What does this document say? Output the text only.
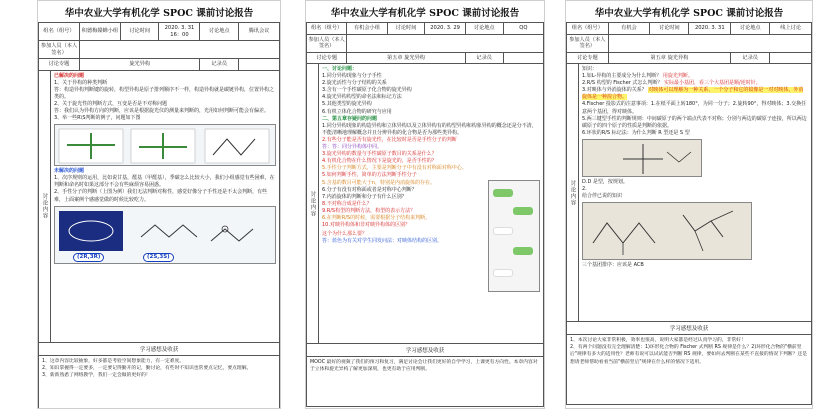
华中农业大学有机化学 SPOC 课前讨论报告
组名（组号）	积德梅赣蝉小组	讨论时间	2020. 3. 31 16：00	讨论地点	腾讯会议
参加人员（本人签名）					
讨论专题	旋光异构			记录员	
讨论内容

已解决的问题

1、关于异构的种类判断

答：构造异构判断键的旋转，构型异构是原子排列顺序不一样，构造异构就是碳链异构，位置异构之类的。

2、关于旋光性的判断方式，互变是否是不对称问题

答：我们认为异构方向的判断，应该是根据旋光仪的测量来判断的，光用如何判断可能会有偏差。

3、举一些R\S判断的例子，问题如下图

未解决的问题

1、次序规则的运用，比如说甘基，醛基（甲醛基），季碳怎么比较大小，我们小组感觉有些困难，在判断和命名时如果这部分不会有些麻烦容易困惑。

2、手性分子的判断（上图为例）我们无法判断对称性，感觉好像分子手性还是不太会判断，有些难，上面案例个感感觉做的时候比较吃力。

(2R,3R)	(2S,3S)
学习感想及收获

1、这章内容比较抽象，好多都是考验空间想象能力，有一定难度。

2、知识掌握得一定要多，一定要记得勤开的记，勤讨论，有些时不知识也常要点记忆，要点理解。

3、新新熟悉了网络教学，我们一定会做的更好的！

华中农业大学有机化学 SPOC 课前讨论报告
组名（组号）	有机会小组	讨论时间	2020. 3. 29	讨论地点	QQ
参加人员（本人签名）					
讨论专题	第五章 旋光异构			记录员	
讨论内容

一、讨论问题：

1.同分异构现象与分子手性

2.旋光活性与分子结构的关系

3.含有一个手性碳原子化合物的旋光异构

4.旋光异构构型的命名法和标记方法

5.其他类型的旋光异构

6.有机立体化合物的研究与应用

二、第五章存疑问的问题

1.同分异构现象的构造异构和立体异构以及立体异构有的构型异构和构象异构的概念还是分不清，不能清晰地理解概念并且分辨异构的化合物是否为那些类异构。

2.有些分子能是否有旋光性，在比较时是否是手性分子的判断

答：答：同分异构体中同。

3.旋光异构的数量与手性碳原子数目的关系是什么？

4.有机化合物在什么情况下是旋光的，是否手性的？

5.手性分子判断方式，主要是判断分子中有没有对称面对称中心。

5.如何判断手性，简单的方法判断手性分子

5.含基的数目可能大于n，特别是内消旋体的存在。

6.分子有没有对称面或者是对称中心判断？

7.内消旋体的判断和分子有什么区别？

8.不对称合成是什么？

9.R/S构型的判断方法，构型的表示方法？

6.在判断R/S的时候，需要根据分子结构来判断。

10.对映异构体和非对映异构体的区别？

这个为什么那么要？

答：蓝色为有关对学生同发问法：对映体结构的区别。

学习感想及收获

MOOC 最好的视频了我们的预习和复习，满足讨论会让我们更好的自学学习，上课更有方向性。本章内容对于立体和旋光异构了解更加深刻，也更有助于应用判断。

华中农业大学有机化学 SPOC 课前讨论报告
组名（组号）	有机会	讨论时间	2020. 3. 31	讨论地点	线上讨论
参加人员（本人签名）					
讨论专题	第五章 旋光异构			记录员	
讨论内容

知识：

1.如L-异构的主要成分为什么判断？ 用旋光判断。

2.R/S 构型的 Fischer 式怎么判断？ 实际最小基团，看三个大基团是顺/逆时针。

3.对映体与外消旋体的关系？ 对映体可以理解为一种关系，一个分子和它的镜像是一对对映体，外消旋体是一种混合物。

4.Fischer 投影式的注意事项：1.在纸平面上转180°，为同一分子；2.旋转90°，得对映体；3.交换任意两个基团，得对映体。

5.两三键型手性的判断规则：中间碳原子的两个端点代表不对称；分别与两边的碳原子连接，所以两边碳原子的四个原子的性质是判断的依据。

6.环状的R/S 标记法：为什么判断 R 型还是 S 型

D.D 是型，按规划。

2.

给合伴已说的知识

三个基团排序：应该是 ACB

学习感想及收获

1、本次讨论大家非常积极，效率也很高，说明大家都是经过认真学习的，非常好！

2、有两个问题没有完全理解清楚：1)环形化合物的 Fischer 式判断 RS 规律是什么？2)环形化合物的"横前竖后"规律有多大的适用性？老师有说可以试试能否判断 RS 规律，要如何去判断在某些不直接的情况下判断？还是想请老师帮助看看当前"横前竖后"规律在什么样的情况下适用。
